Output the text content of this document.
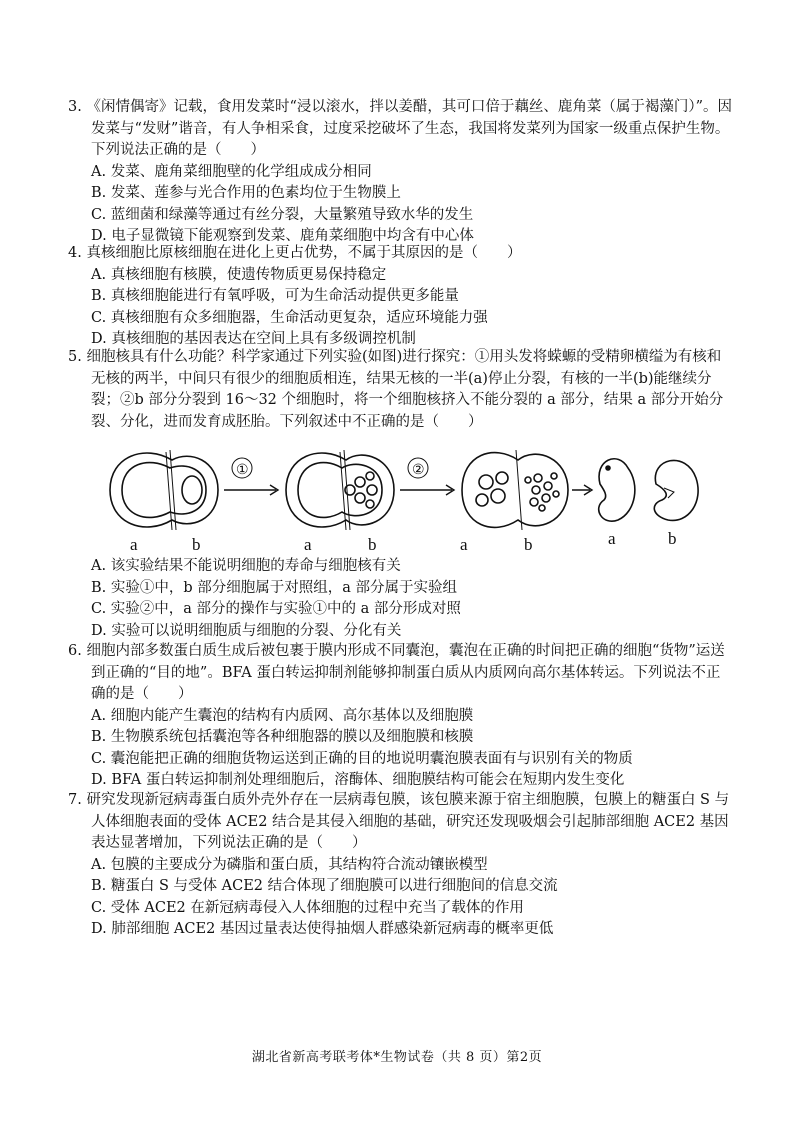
3. 《闲情偶寄》记载，食用发菜时“浸以滚水，拌以姜醋，其可口倍于藕丝、鹿角菜（属于褐藻门）”。因发菜与“发财”谐音，有人争相采食，过度采挖破坏了生态，我国将发菜列为国家一级重点保护生物。下列说法正确的是（　　）

A. 发菜、鹿角菜细胞壁的化学组成成分相同

B. 发菜、莲参与光合作用的色素均位于生物膜上

C. 蓝细菌和绿藻等通过有丝分裂，大量繁殖导致水华的发生

D. 电子显微镜下能观察到发菜、鹿角菜细胞中均含有中心体

4. 真核细胞比原核细胞在进化上更占优势，不属于其原因的是（　　）

A. 真核细胞有核膜，使遗传物质更易保持稳定

B. 真核细胞能进行有氧呼吸，可为生命活动提供更多能量

C. 真核细胞有众多细胞器，生命活动更复杂，适应环境能力强

D. 真核细胞的基因表达在空间上具有多级调控机制

5. 细胞核具有什么功能？科学家通过下列实验(如图)进行探究：①用头发将蝾螈的受精卵横缢为有核和无核的两半，中间只有很少的细胞质相连，结果无核的一半(a)停止分裂，有核的一半(b)能继续分裂；②b 部分分裂到 16～32 个细胞时，将一个细胞核挤入不能分裂的 a 部分，结果 a 部分开始分裂、分化，进而发育成胚胎。下列叙述中不正确的是（　　）

①	②
a	b	a	b	a	b	a	b

A. 该实验结果不能说明细胞的寿命与细胞核有关

B. 实验①中，b 部分细胞属于对照组，a 部分属于实验组

C. 实验②中，a 部分的操作与实验①中的 a 部分形成对照

D. 实验可以说明细胞质与细胞的分裂、分化有关

6. 细胞内部多数蛋白质生成后被包裹于膜内形成不同囊泡，囊泡在正确的时间把正确的细胞“货物”运送到正确的“目的地”。BFA 蛋白转运抑制剂能够抑制蛋白质从内质网向高尔基体转运。下列说法不正确的是（　　）

A. 细胞内能产生囊泡的结构有内质网、高尔基体以及细胞膜

B. 生物膜系统包括囊泡等各种细胞器的膜以及细胞膜和核膜

C. 囊泡能把正确的细胞货物运送到正确的目的地说明囊泡膜表面有与识别有关的物质

D. BFA 蛋白转运抑制剂处理细胞后，溶酶体、细胞膜结构可能会在短期内发生变化

7. 研究发现新冠病毒蛋白质外壳外存在一层病毒包膜，该包膜来源于宿主细胞膜，包膜上的糖蛋白 S 与人体细胞表面的受体 ACE2 结合是其侵入细胞的基础，研究还发现吸烟会引起肺部细胞 ACE2 基因表达显著增加，下列说法正确的是（　　）

A. 包膜的主要成分为磷脂和蛋白质，其结构符合流动镶嵌模型

B. 糖蛋白 S 与受体 ACE2 结合体现了细胞膜可以进行细胞间的信息交流

C. 受体 ACE2 在新冠病毒侵入人体细胞的过程中充当了载体的作用

D. 肺部细胞 ACE2 基因过量表达使得抽烟人群感染新冠病毒的概率更低

湖北省新高考联考体*生物试卷（共 8 页）第2页
